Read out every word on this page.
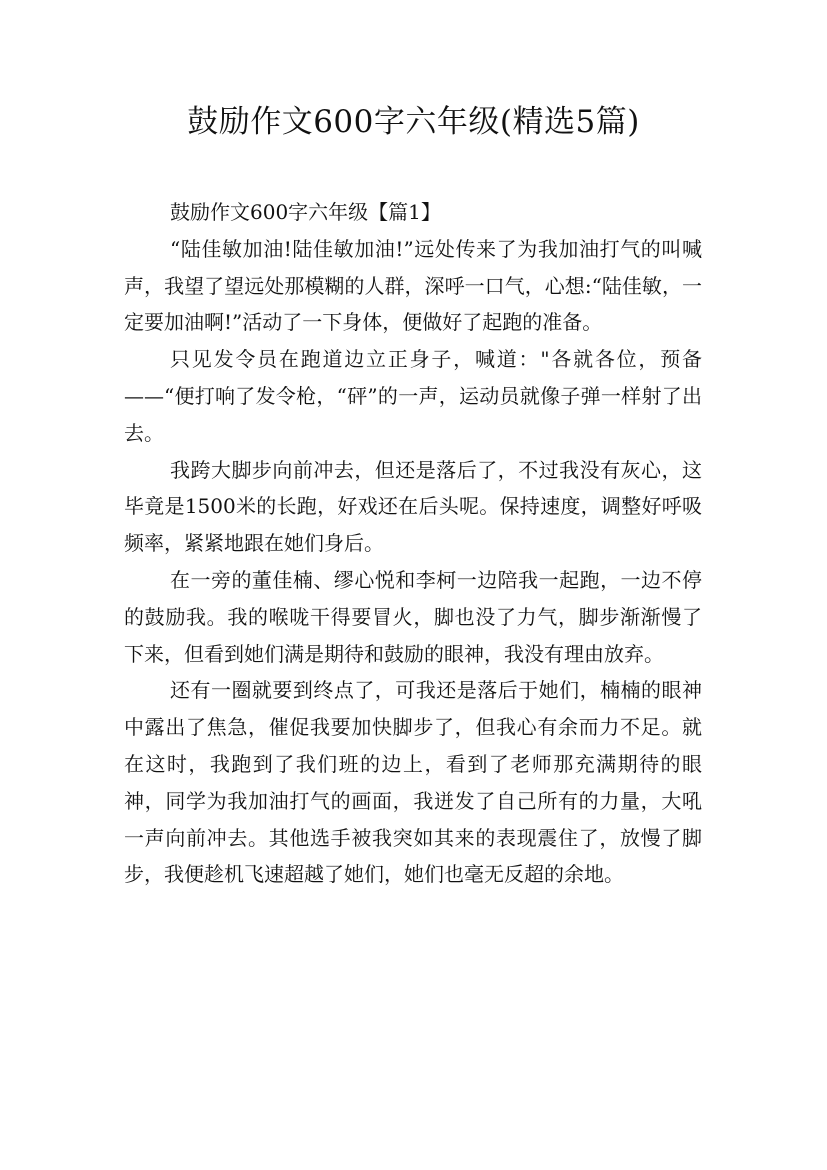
鼓励作文600字六年级(精选5篇)

鼓励作文600字六年级【篇1】

“陆佳敏加油!陆佳敏加油!”远处传来了为我加油打气的叫喊声，我望了望远处那模糊的人群，深呼一口气，心想:“陆佳敏，一定要加油啊!”活动了一下身体，便做好了起跑的准备。

只见发令员在跑道边立正身子，喊道："各就各位，预备——“便打响了发令枪，“砰”的一声，运动员就像子弹一样射了出去。

我跨大脚步向前冲去，但还是落后了，不过我没有灰心，这毕竟是1500米的长跑，好戏还在后头呢。保持速度，调整好呼吸频率，紧紧地跟在她们身后。

在一旁的董佳楠、缪心悦和李柯一边陪我一起跑，一边不停的鼓励我。我的喉咙干得要冒火，脚也没了力气，脚步渐渐慢了下来，但看到她们满是期待和鼓励的眼神，我没有理由放弃。

还有一圈就要到终点了，可我还是落后于她们，楠楠的眼神中露出了焦急，催促我要加快脚步了，但我心有余而力不足。就在这时，我跑到了我们班的边上，看到了老师那充满期待的眼神，同学为我加油打气的画面，我迸发了自己所有的力量，大吼一声向前冲去。其他选手被我突如其来的表现震住了，放慢了脚步，我便趁机飞速超越了她们，她们也毫无反超的余地。
